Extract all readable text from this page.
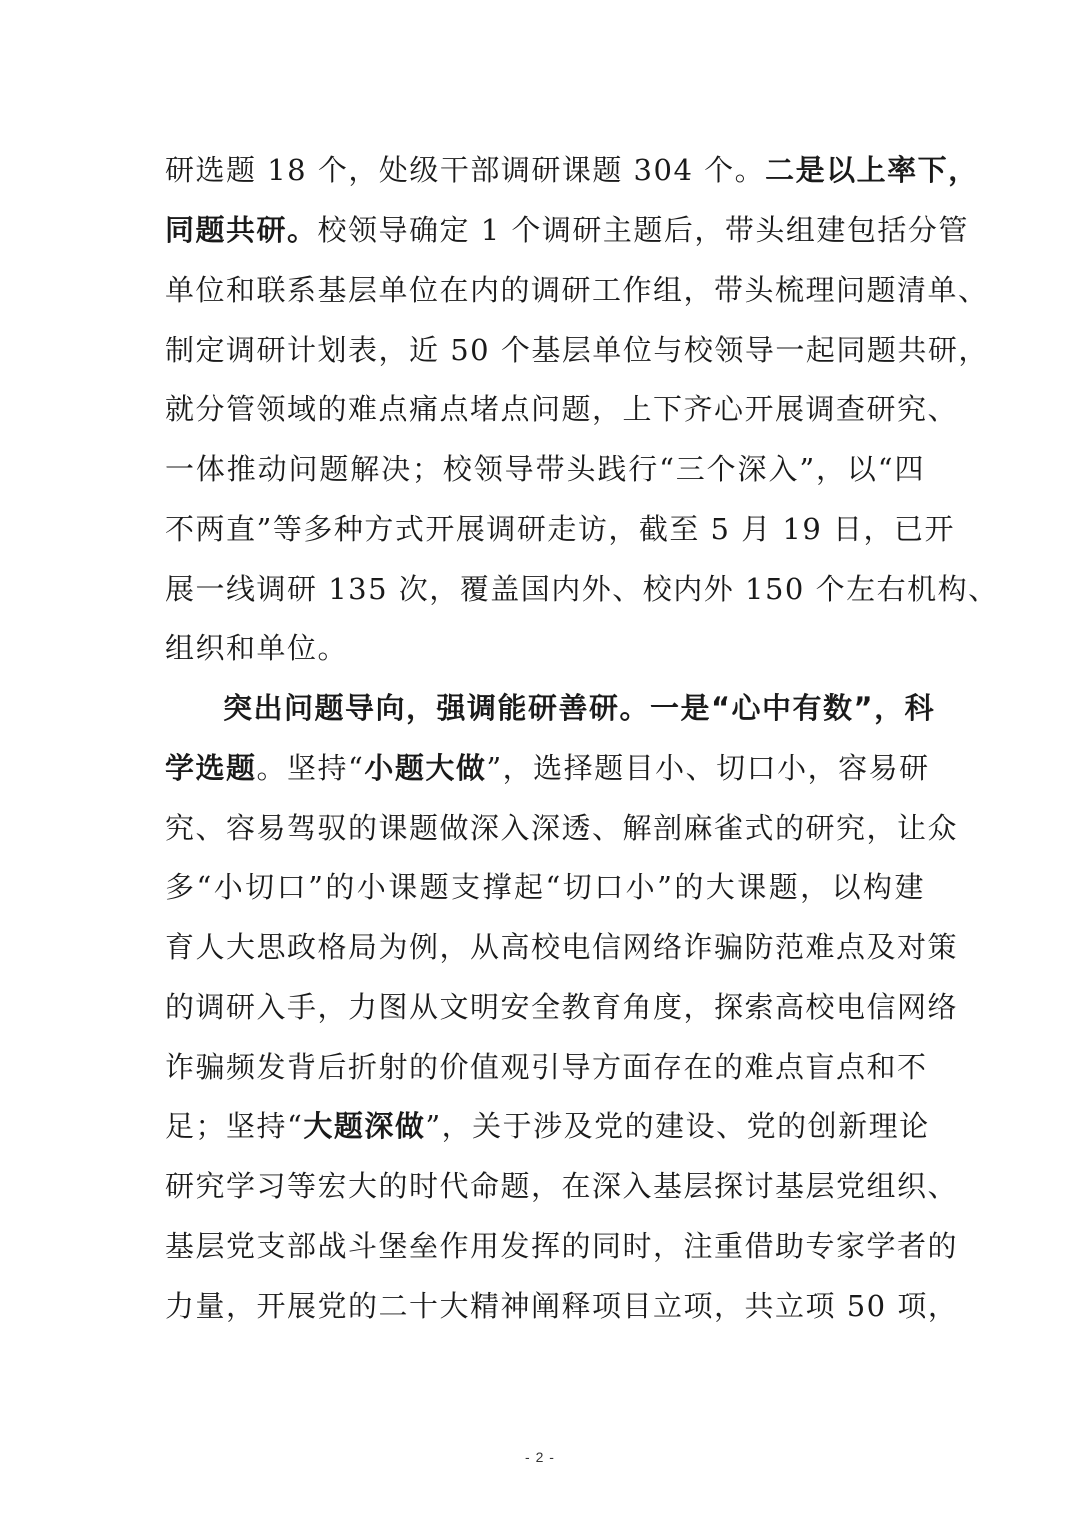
研选题 18 个，处级干部调研课题 304 个。二是以上率下，
同题共研。校领导确定 1 个调研主题后，带头组建包括分管
单位和联系基层单位在内的调研工作组，带头梳理问题清单、
制定调研计划表，近 50 个基层单位与校领导一起同题共研，
就分管领域的难点痛点堵点问题，上下齐心开展调查研究、
一体推动问题解决；校领导带头践行“三个深入”，以“四
不两直”等多种方式开展调研走访，截至 5 月 19 日，已开
展一线调研 135 次，覆盖国内外、校内外 150 个左右机构、
组织和单位。
突出问题导向，强调能研善研。一是“心中有数”，科
学选题。坚持“小题大做”，选择题目小、切口小，容易研
究、容易驾驭的课题做深入深透、解剖麻雀式的研究，让众
多“小切口”的小课题支撑起“切口小”的大课题，以构建
育人大思政格局为例，从高校电信网络诈骗防范难点及对策
的调研入手，力图从文明安全教育角度，探索高校电信网络
诈骗频发背后折射的价值观引导方面存在的难点盲点和不
足；坚持“大题深做”，关于涉及党的建设、党的创新理论
研究学习等宏大的时代命题，在深入基层探讨基层党组织、
基层党支部战斗堡垒作用发挥的同时，注重借助专家学者的
力量，开展党的二十大精神阐释项目立项，共立项 50 项，
- 2 -
